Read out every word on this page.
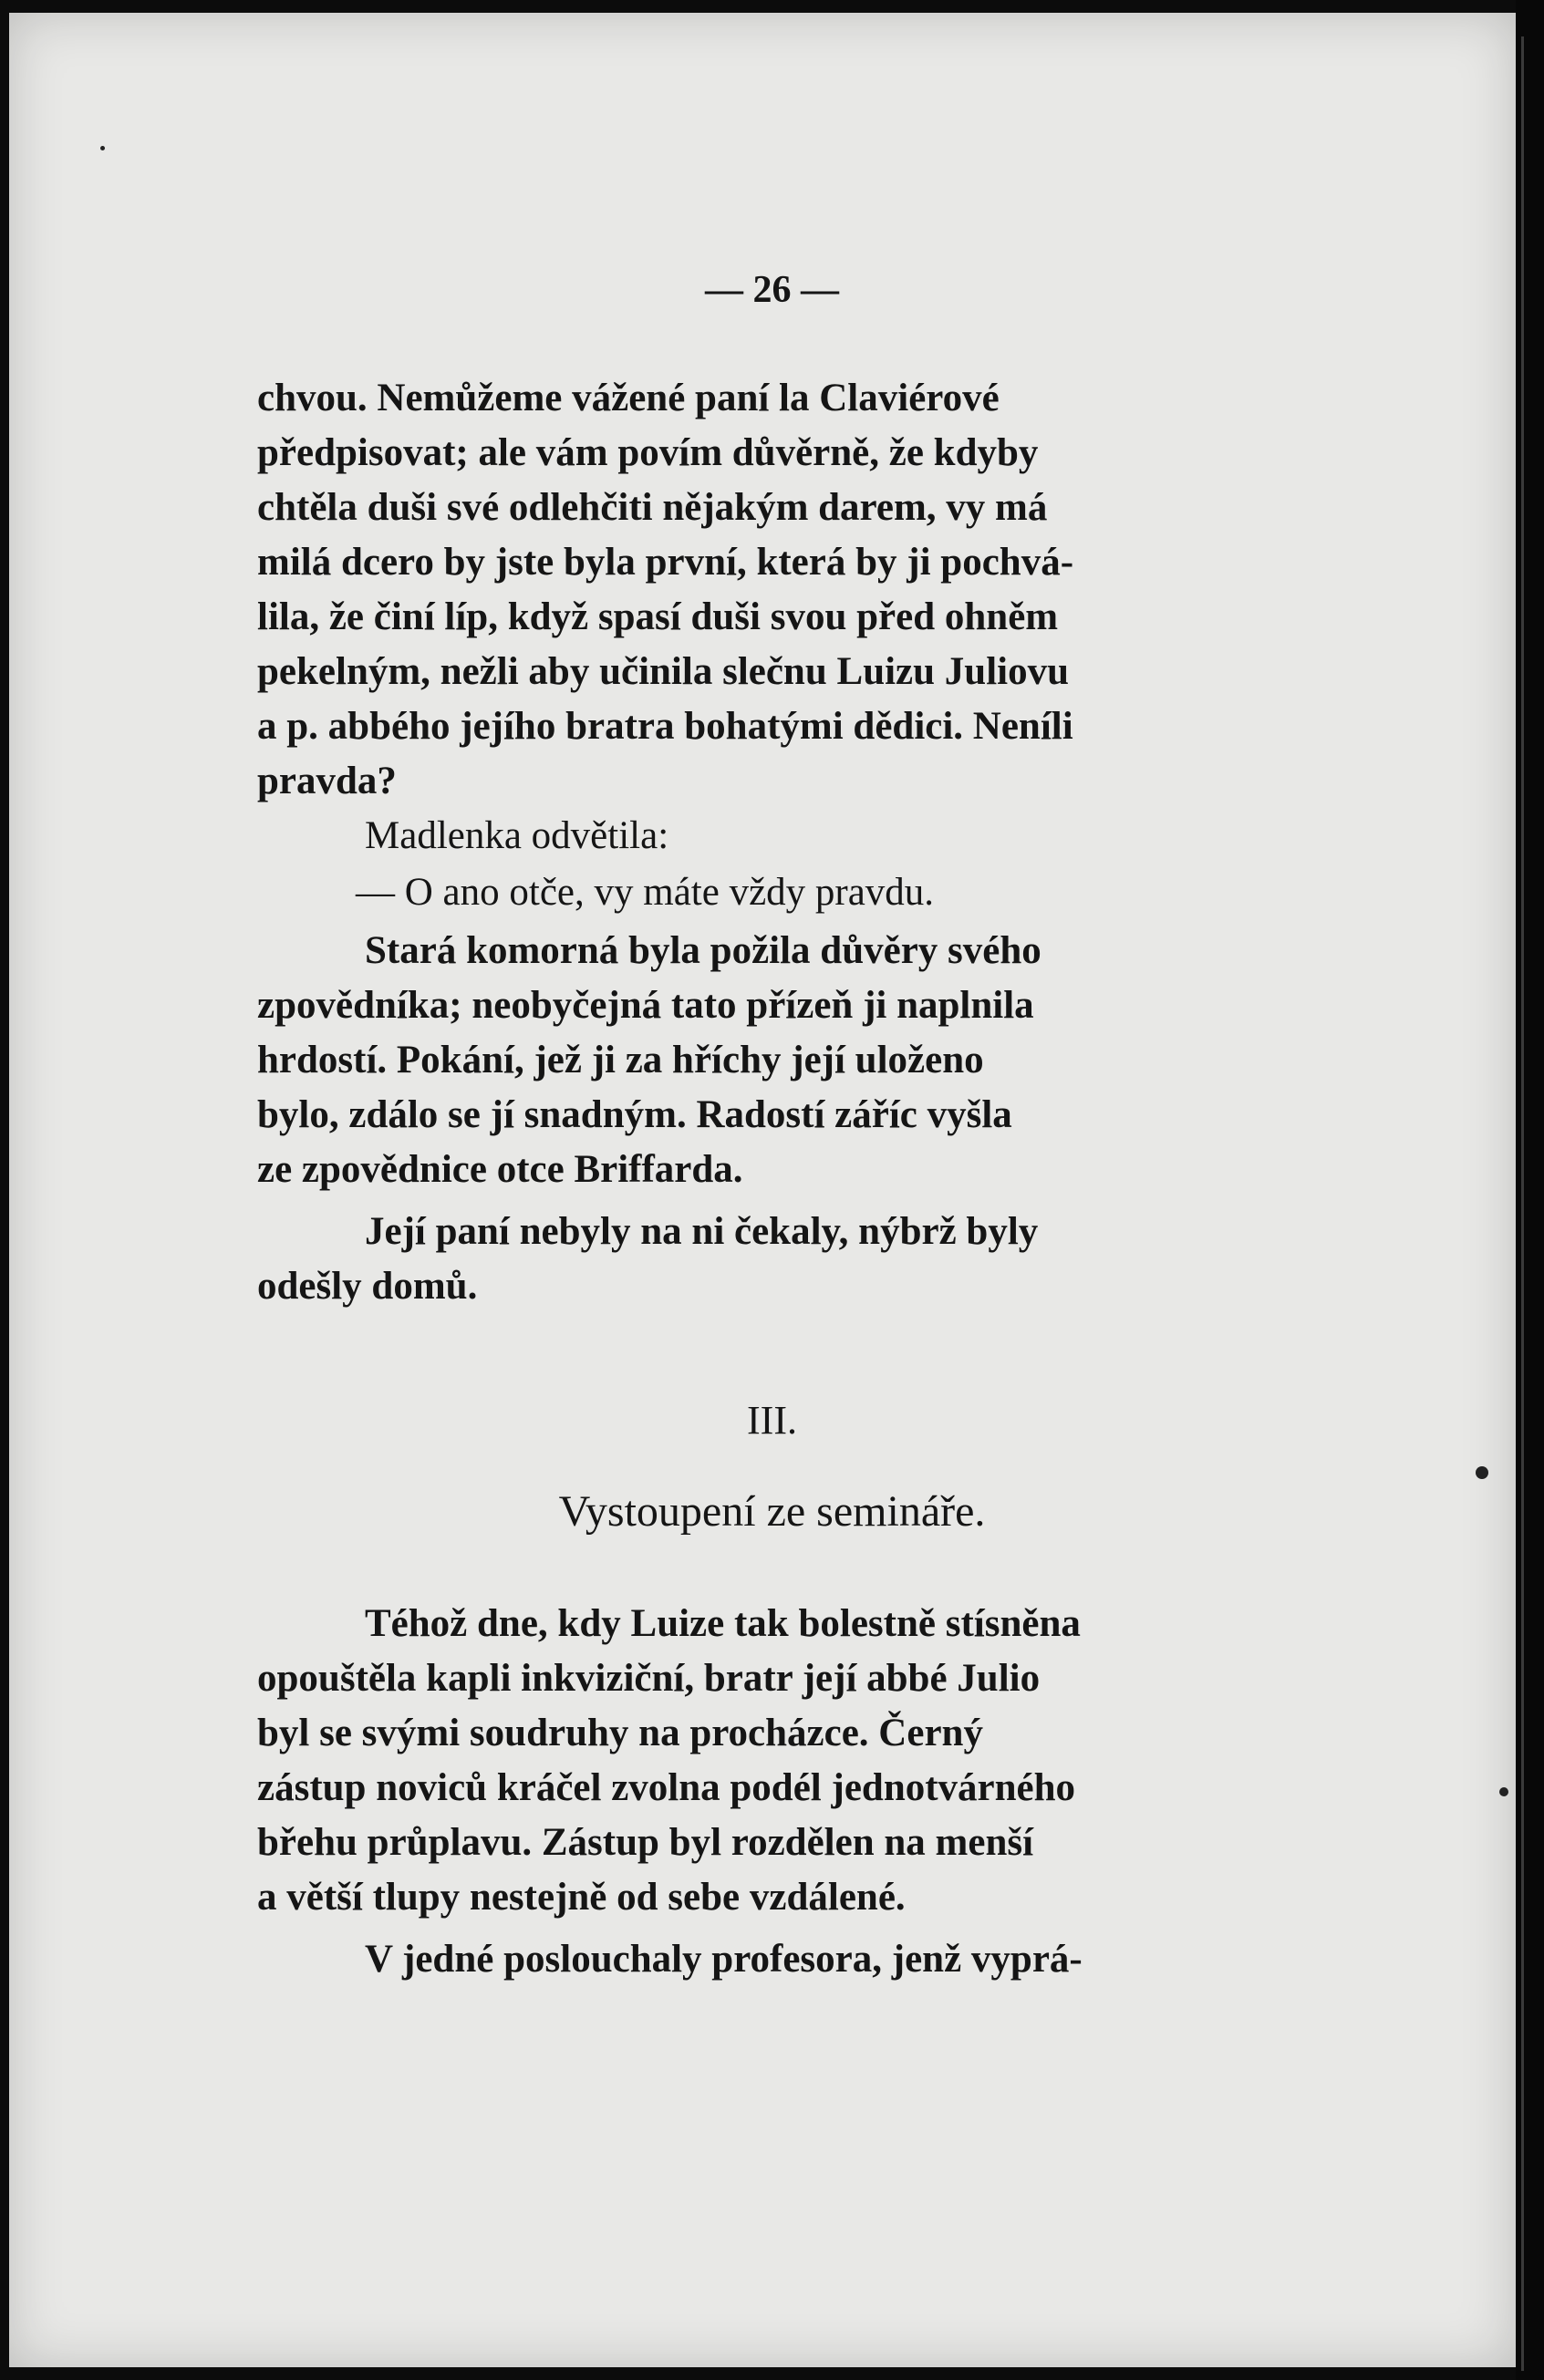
— 26 —
chvou. Nemůžeme vážené paní la Claviérové
předpisovat; ale vám povím důvěrně, že kdyby
chtěla duši své odlehčiti nějakým darem, vy má
milá dcero by jste byla první, která by ji pochvá-
lila, že činí líp, když spasí duši svou před ohněm
pekelným, nežli aby učinila slečnu Luizu Juliovu
a p. abbého jejího bratra bohatými dědici. Neníli
pravda?
Madlenka odvětila:
— O ano otče, vy máte vždy pravdu.
Stará komorná byla požila důvěry svého
zpovědníka; neobyčejná tato přízeň ji naplnila
hrdostí. Pokání, jež ji za hříchy její uloženo
bylo, zdálo se jí snadným. Radostí záříc vyšla
ze zpovědnice otce Briffarda.
Její paní nebyly na ni čekaly, nýbrž byly
odešly domů.
III.
Vystoupení ze semináře.
Téhož dne, kdy Luize tak bolestně stísněna
opouštěla kapli inkviziční, bratr její abbé Julio
byl se svými soudruhy na procházce. Černý
zástup noviců kráčel zvolna podél jednotvárného
břehu průplavu. Zástup byl rozdělen na menší
a větší tlupy nestejně od sebe vzdálené.
V jedné poslouchaly profesora, jenž vyprá-
